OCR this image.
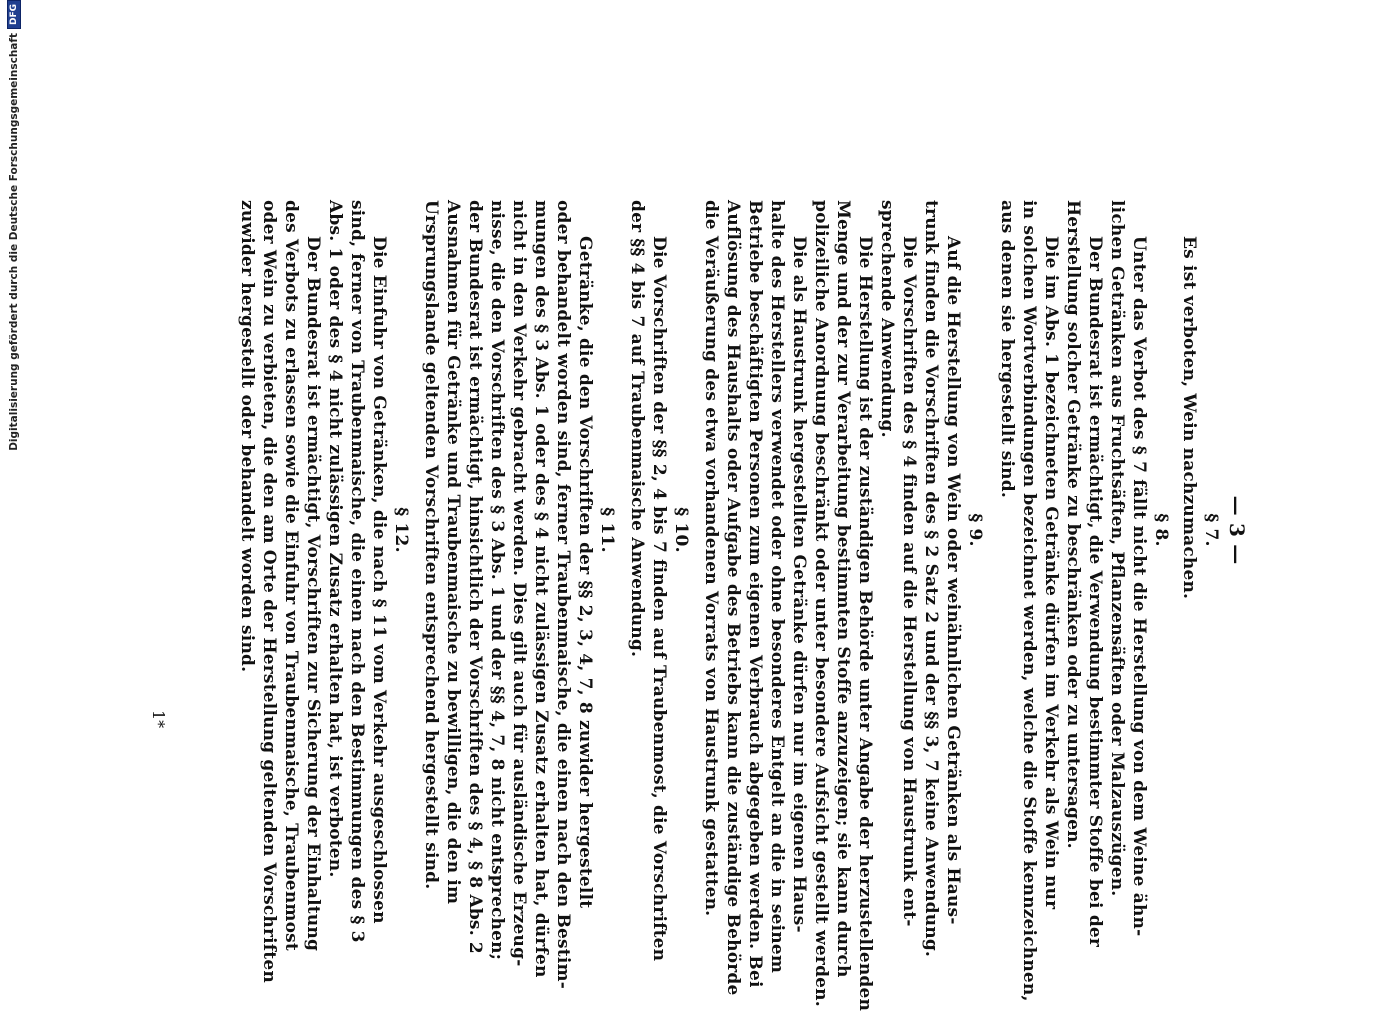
— 3 —
§ 7.
Es ist verboten, Wein nachzumachen.
§ 8.
Unter das Verbot des § 7 fällt nicht die Herstellung von dem Weine ähn-
lichen Getränken aus Fruchtsäften, Pflanzensäften oder Malzauszügen.
Der Bundesrat ist ermächtigt, die Verwendung bestimmter Stoffe bei der
Herstellung solcher Getränke zu beschränken oder zu untersagen.
Die im Abs. 1 bezeichneten Getränke dürfen im Verkehr als Wein nur
in solchen Wortverbindungen bezeichnet werden, welche die Stoffe kennzeichnen,
aus denen sie hergestellt sind.
§ 9.
Auf die Herstellung von Wein oder weinähnlichen Getränken als Haus-
trunk finden die Vorschriften des § 2 Satz 2 und der §§ 3, 7 keine Anwendung.
Die Vorschriften des § 4 finden auf die Herstellung von Haustrunk ent-
sprechende Anwendung.
Die Herstellung ist der zuständigen Behörde unter Angabe der herzustellenden
Menge und der zur Verarbeitung bestimmten Stoffe anzuzeigen; sie kann durch
polizeiliche Anordnung beschränkt oder unter besondere Aufsicht gestellt werden.
Die als Haustrunk hergestellten Getränke dürfen nur im eigenen Haus-
halte des Herstellers verwendet oder ohne besonderes Entgelt an die in seinem
Betriebe beschäftigten Personen zum eigenen Verbrauch abgegeben werden. Bei
Auflösung des Haushalts oder Aufgabe des Betriebs kann die zuständige Behörde
die Veräußerung des etwa vorhandenen Vorrats von Haustrunk gestatten.
§ 10.
Die Vorschriften der §§ 2, 4 bis 7 finden auf Traubenmost, die Vorschriften
der §§ 4 bis 7 auf Traubenmaische Anwendung.
§ 11.
Getränke, die den Vorschriften der §§ 2, 3, 4, 7, 8 zuwider hergestellt
oder behandelt worden sind, ferner Traubenmaische, die einen nach den Bestim-
mungen des § 3 Abs. 1 oder des § 4 nicht zulässigen Zusatz erhalten hat, dürfen
nicht in den Verkehr gebracht werden. Dies gilt auch für ausländische Erzeug-
nisse, die den Vorschriften des § 3 Abs. 1 und der §§ 4, 7, 8 nicht entsprechen;
der Bundesrat ist ermächtigt, hinsichtlich der Vorschriften des § 4, § 8 Abs. 2
Ausnahmen für Getränke und Traubenmaische zu bewilligen, die den im
Ursprungslande geltenden Vorschriften entsprechend hergestellt sind.
§ 12.
Die Einfuhr von Getränken, die nach § 11 vom Verkehr ausgeschlossen
sind, ferner von Traubenmaische, die einen nach den Bestimmungen des § 3
Abs. 1 oder des § 4 nicht zulässigen Zusatz erhalten hat, ist verboten.
Der Bundesrat ist ermächtigt, Vorschriften zur Sicherung der Einhaltung
des Verbots zu erlassen sowie die Einfuhr von Traubenmaische, Traubenmost
oder Wein zu verbieten, die den am Orte der Herstellung geltenden Vorschriften
zuwider hergestellt oder behandelt worden sind.
1*
Digitalisierung gefördert durch die Deutsche Forschungsgemeinschaft
DFG
